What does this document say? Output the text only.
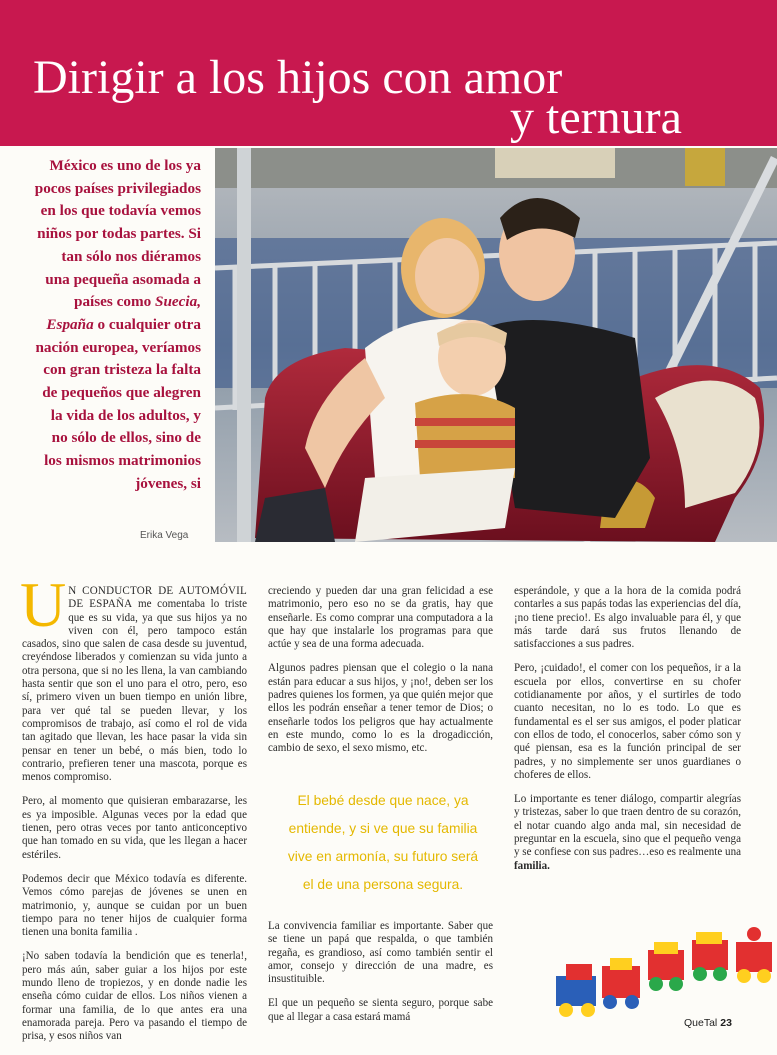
Dirigir a los hijos con amor
y ternura
México es uno de los ya pocos países privilegiados en los que todavía vemos niños por todas partes. Si tan sólo nos diéramos una pequeña asomada a países como Suecia, España o cualquier otra nación europea, veríamos con gran tristeza la falta de pequeños que alegren la vida de los adultos, y no sólo de ellos, sino de los mismos matrimonios jóvenes, si
Erika Vega

U N CONDUCTOR DE AUTOMÓVIL DE ESPAÑA me comentaba lo triste que es su vida, ya que sus hijos ya no viven con él, pero tampoco están casados, sino que salen de casa desde su juventud, creyéndose liberados y comienzan su vida junto a otra persona, que si no les llena, la van cambiando hasta sentir que son el uno para el otro, pero, eso sí, primero viven un buen tiempo en unión libre, para ver qué tal se pueden llevar, y los compromisos de trabajo, así como el rol de vida tan agitado que llevan, les hace pasar la vida sin pensar en tener un bebé, o más bien, todo lo contrario, prefieren tener una mascota, porque es menos compromiso.

Pero, al momento que quisieran embarazarse, les es ya imposible. Algunas veces por la edad que tienen, pero otras veces por tanto anticonceptivo que han tomado en su vida, que les llegan a hacer estériles.

Podemos decir que México todavía es diferente. Vemos cómo parejas de jóvenes se unen en matrimonio, y, aunque se cuidan por un buen tiempo para no tener hijos de cualquier forma tienen una bonita familia .

¡No saben todavía la bendición que es tenerla!, pero más aún, saber guiar a los hijos por este mundo lleno de tropiezos, y en donde nadie les enseña cómo cuidar de ellos. Los niños vienen a formar una familia, de lo que antes era una enamorada pareja. Pero va pasando el tiempo de prisa, y esos niños van

creciendo y pueden dar una gran felicidad a ese matrimonio, pero eso no se da gratis, hay que enseñarle. Es como comprar una computadora a la que hay que instalarle los programas para que actúe y sea de una forma adecuada.

Algunos padres piensan que el colegio o la nana están para educar a sus hijos, y ¡no!, deben ser los padres quienes los formen, ya que quién mejor que ellos les podrán enseñar a tener temor de Dios; o enseñarle todos los peligros que hay actualmente en este mundo, como lo es la drogadicción, cambio de sexo, el sexo mismo, etc.

El bebé desde que nace, ya
entiende, y si ve que su familia
vive en armonía, su futuro será
el de una persona segura.

La convivencia familiar es importante. Saber que se tiene un papá que respalda, o que también regaña, es grandioso, así como también sentir el amor, consejo y dirección de una madre, es insustituible.

El que un pequeño se sienta seguro, porque sabe que al llegar a casa estará mamá

esperándole, y que a la hora de la comida podrá contarles a sus papás todas las experiencias del día, ¡no tiene precio!. Es algo invaluable para él, y que más tarde dará sus frutos llenando de satisfacciones a sus padres.

Pero, ¡cuidado!, el comer con los pequeños, ir a la escuela por ellos, convertirse en su chofer cotidianamente por años, y el surtirles de todo cuanto necesitan, no lo es todo. Lo que es fundamental es el ser sus amigos, el poder platicar con ellos de todo, el conocerlos, saber cómo son y qué piensan, esa es la función principal de ser padres, y no simplemente ser unos guardianes o choferes de ellos.

Lo importante es tener diálogo, compartir alegrías y tristezas, saber lo que traen dentro de su corazón, el notar cuando algo anda mal, sin necesidad de preguntar en la escuela, sino que el pequeño venga y se confiese con sus padres…eso es realmente una familia.

QueTal 23
